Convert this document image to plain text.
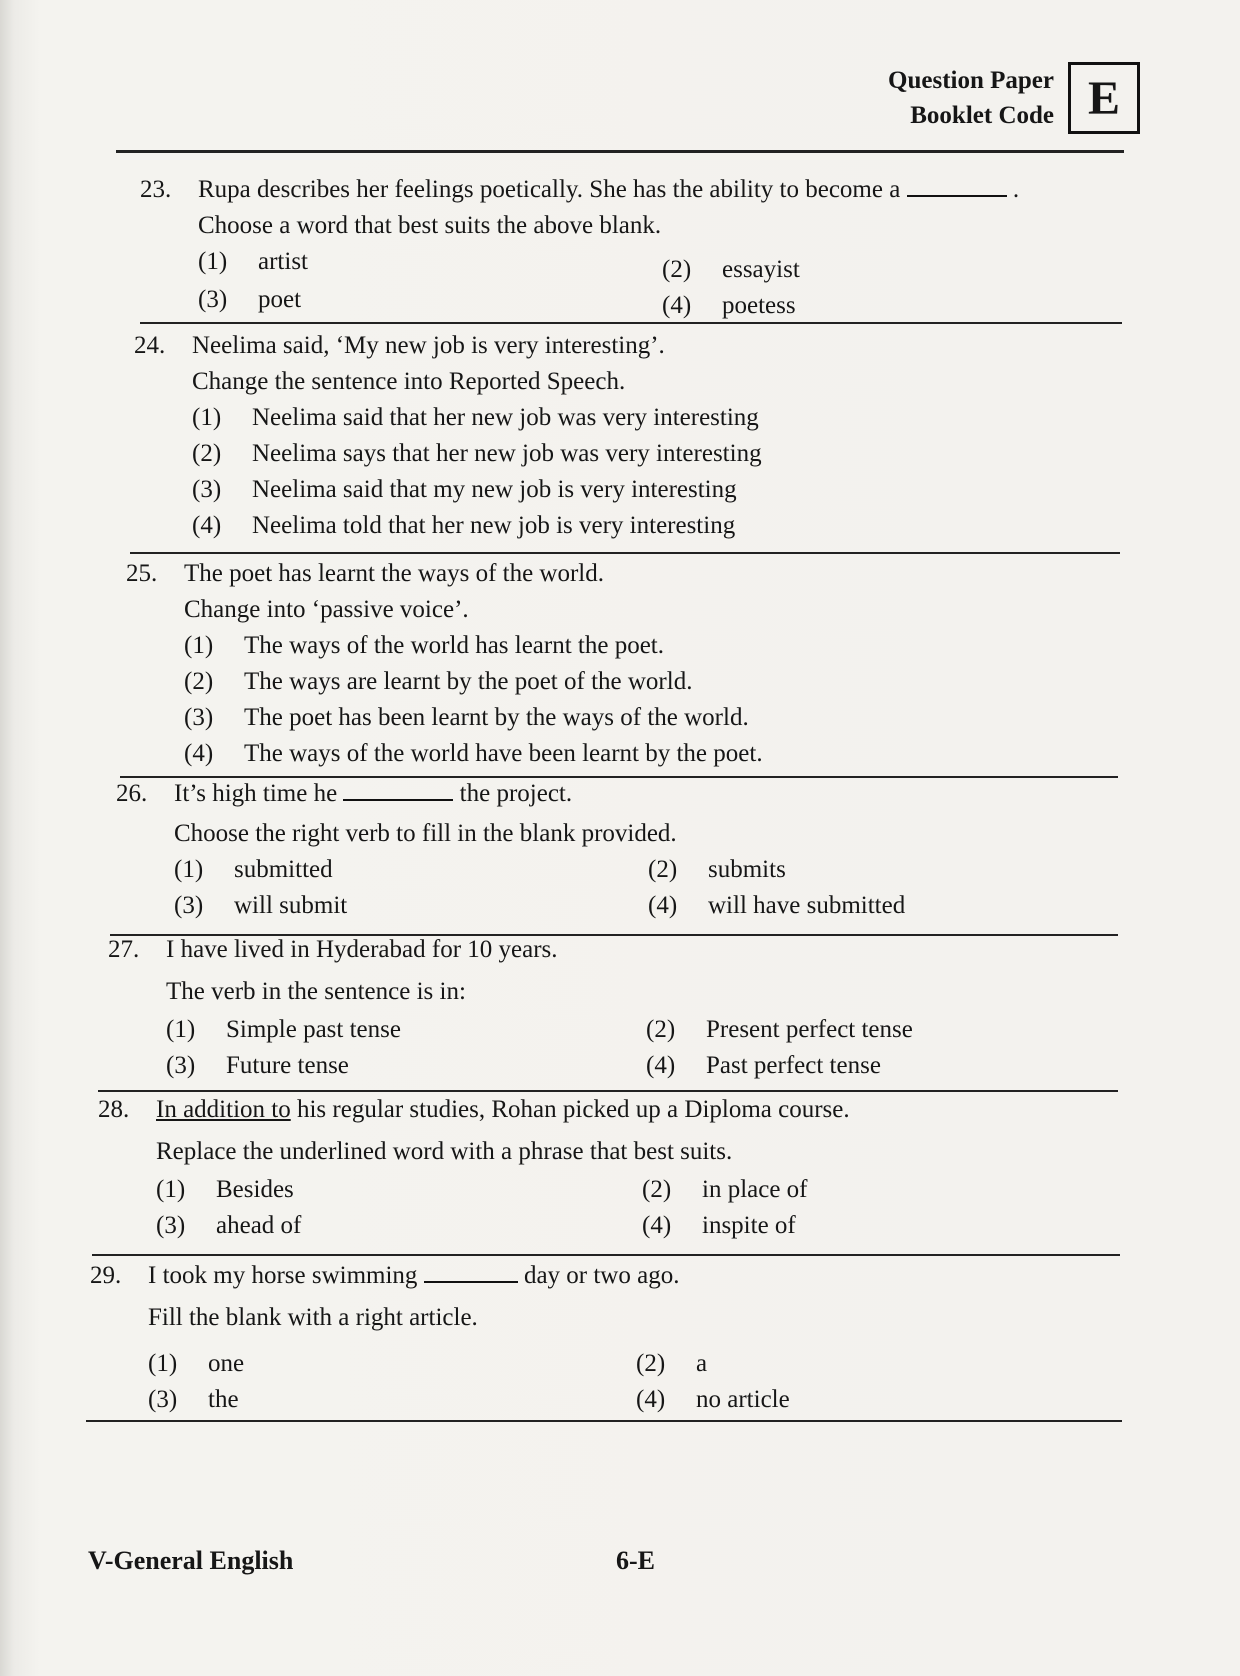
Question Paper
Booklet Code E
23.	Rupa describes her feelings poetically. She has the ability to become a	.
Choose a word that best suits the above blank.
(1)	artist	(2)	essayist
(3)	poet	(4)	poetess
24.	Neelima said, ‘My new job is very interesting’.
Change the sentence into Reported Speech.
(1)	Neelima said that her new job was very interesting
(2)	Neelima says that her new job was very interesting
(3)	Neelima said that my new job is very interesting
(4)	Neelima told that her new job is very interesting
25.	The poet has learnt the ways of the world.
Change into ‘passive voice’.
(1)	The ways of the world has learnt the poet.
(2)	The ways are learnt by the poet of the world.
(3)	The poet has been learnt by the ways of the world.
(4)	The ways of the world have been learnt by the poet.
26.	It’s high time he	the project.
Choose the right verb to fill in the blank provided.
(1)	submitted	(2)	submits
(3)	will submit	(4)	will have submitted
27.	I have lived in Hyderabad for 10 years.
The verb in the sentence is in:
(1)	Simple past tense	(2)	Present perfect tense
(3)	Future tense	(4)	Past perfect tense
28.	In addition to his regular studies, Rohan picked up a Diploma course.
Replace the underlined word with a phrase that best suits.
(1)	Besides	(2)	in place of
(3)	ahead of	(4)	inspite of
29.	I took my horse swimming	day or two ago.
Fill the blank with a right article.
(1)	one	(2)	a
(3)	the	(4)	no article
V-General English	6-E
